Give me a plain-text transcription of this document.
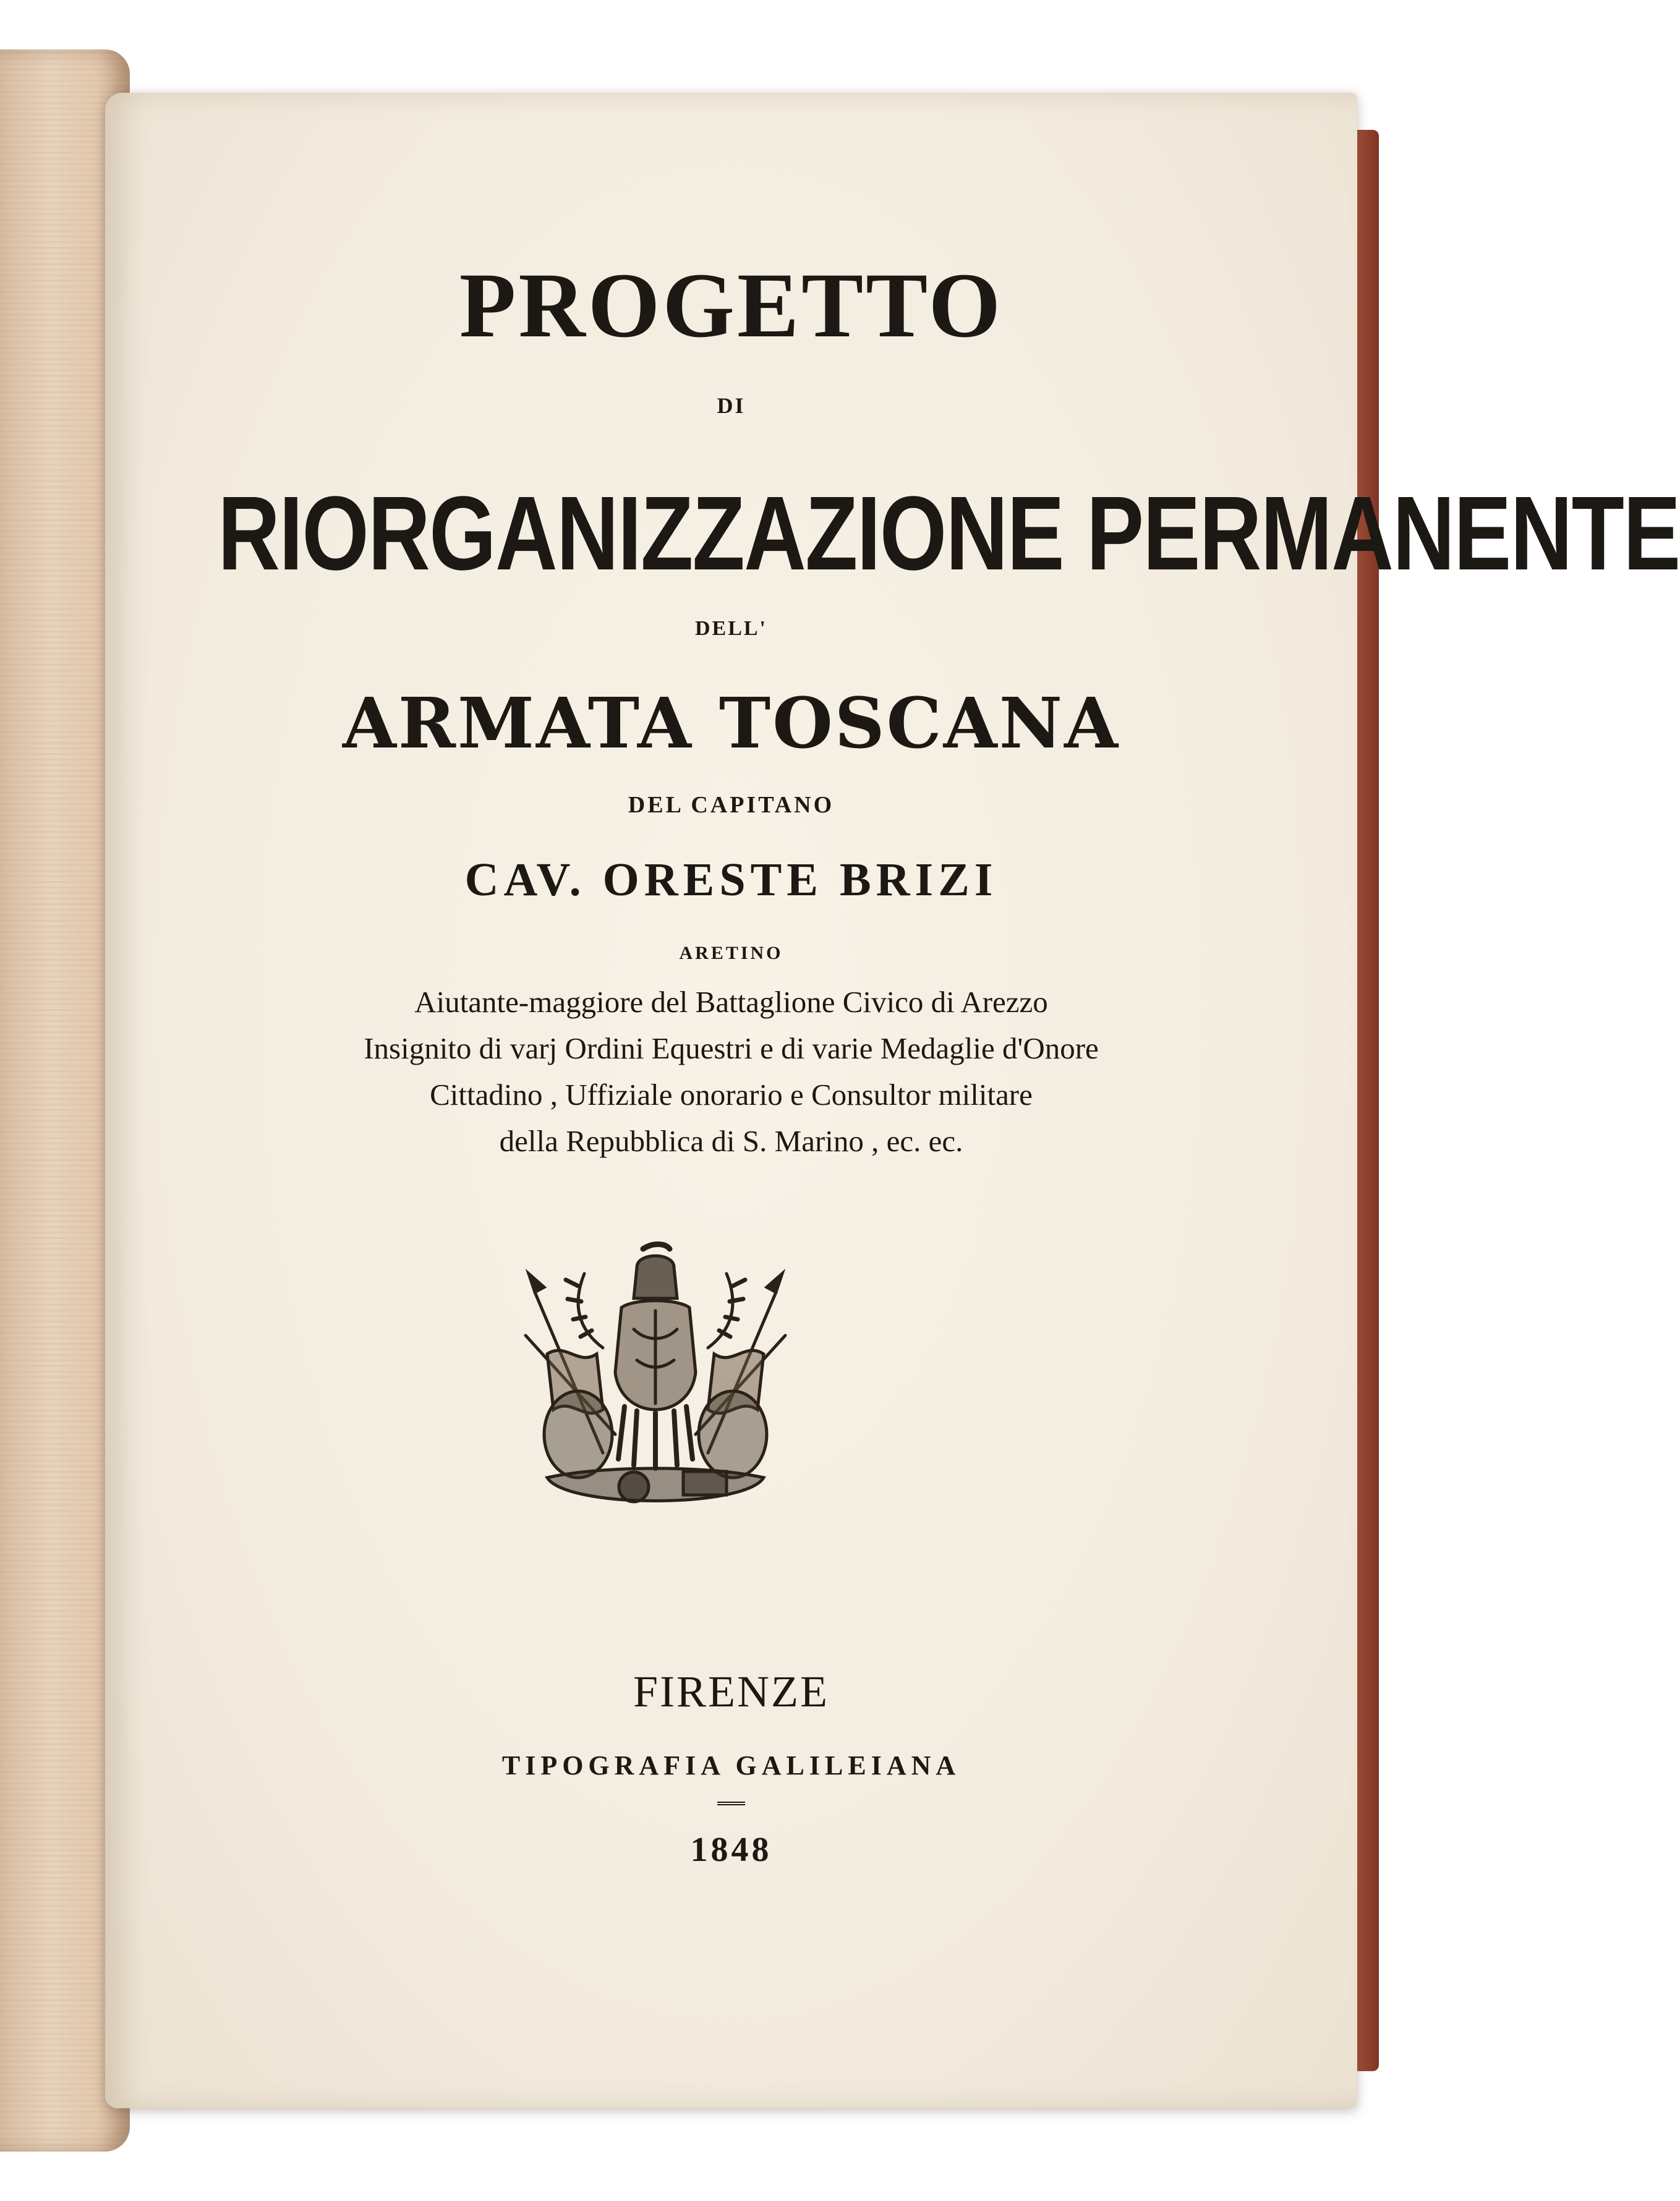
PROGETTO
DI
RIORGANIZZAZIONE PERMANENTE
DELL'
ARMATA TOSCANA
DEL CAPITANO
CAV. ORESTE BRIZI
ARETINO
Aiutante-maggiore del Battaglione Civico di Arezzo
Insignito di varj Ordini Equestri e di varie Medaglie d'Onore
Cittadino , Uffiziale onorario e Consultor militare
della Repubblica di S. Marino , ec. ec.
FIRENZE
TIPOGRAFIA GALILEIANA
1848
